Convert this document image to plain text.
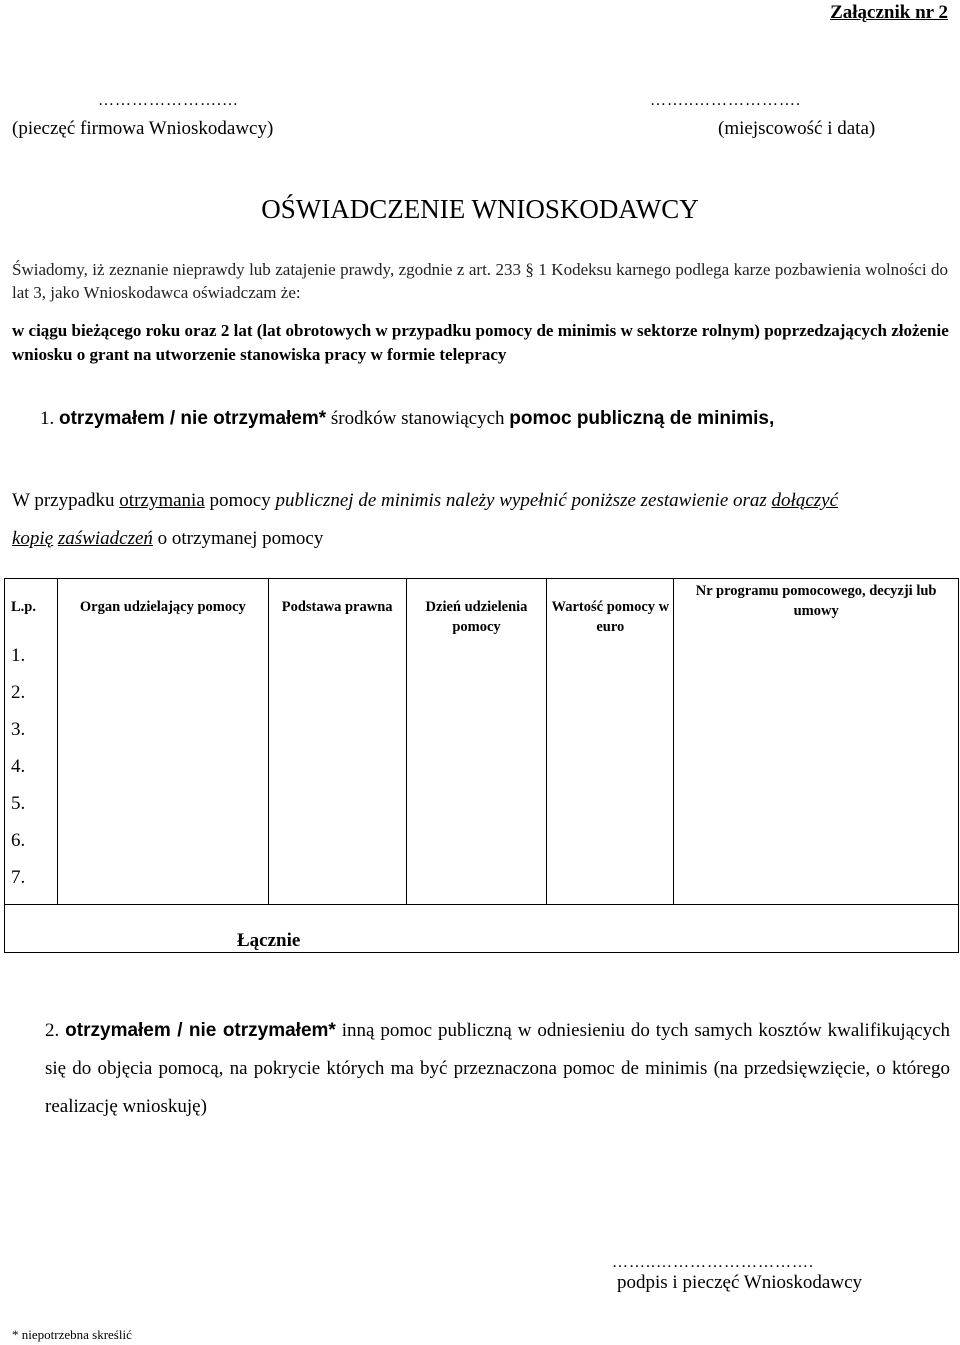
Załącznik nr 2
………………….…
(pieczęć firmowa Wnioskodawcy)
……..……………….
(miejscowość i data)
OŚWIADCZENIE WNIOSKODAWCY
Świadomy, iż zeznanie nieprawdy lub zatajenie prawdy, zgodnie z art. 233 § 1 Kodeksu karnego podlega karze pozbawienia wolności do lat 3, jako Wnioskodawca oświadczam że:
w ciągu bieżącego roku oraz 2 lat (lat obrotowych w przypadku pomocy de minimis w sektorze rolnym) poprzedzających złożenie wniosku o grant na utworzenie stanowiska pracy w formie telepracy
1. otrzymałem / nie otrzymałem* środków stanowiących pomoc publiczną de minimis,
W przypadku otrzymania pomocy publicznej de minimis należy wypełnić poniższe zestawienie oraz dołączyć
kopię zaświadczeń o otrzymanej pomocy
L.p.	Organ udzielający pomocy	Podstawa prawna	Dzień udzielenia pomocy	Wartość pomocy w euro	Nr programu pomocowego, decyzji lub umowy
1.					
2.					
3.					
4.					
5.					
6.					
7.					

Łącznie					
2. otrzymałem / nie otrzymałem* inną pomoc publiczną w odniesieniu do tych samych kosztów kwalifikujących się do objęcia pomocą, na pokrycie których ma być przeznaczona pomoc de minimis (na przedsięwzięcie, o którego realizację wnioskuję)
……..……………………….
podpis i pieczęć Wnioskodawcy
* niepotrzebna skreślić
